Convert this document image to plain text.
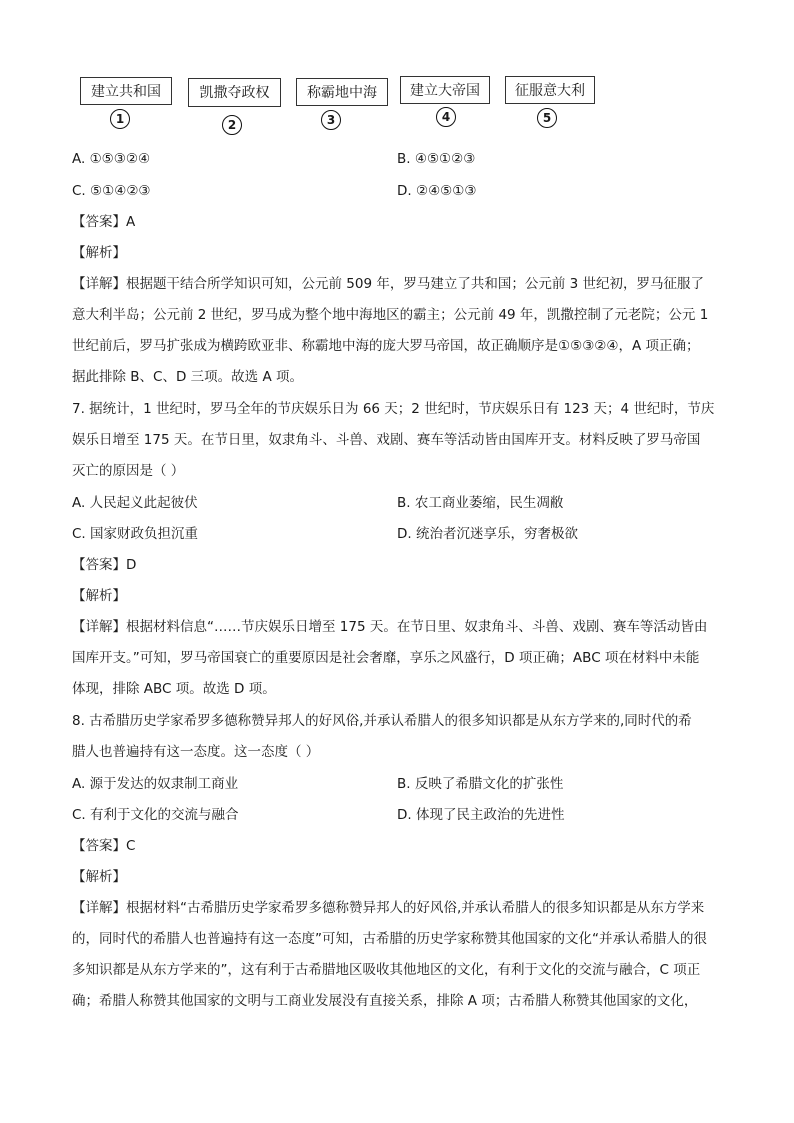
建立共和国	凯撒夺政权	称霸地中海	建立大帝国	征服意大利
1	2	3	4	5
A. ①⑤③②④	B. ④⑤①②③
C. ⑤①④②③	D. ②④⑤①③
【答案】A
【解析】
【详解】根据题干结合所学知识可知，公元前 509 年，罗马建立了共和国；公元前 3 世纪初，罗马征服了
意大利半岛；公元前 2 世纪，罗马成为整个地中海地区的霸主；公元前 49 年，凯撒控制了元老院；公元 1
世纪前后，罗马扩张成为横跨欧亚非、称霸地中海的庞大罗马帝国，故正确顺序是①⑤③②④，A 项正确；
据此排除 B、C、D 三项。故选 A 项。
7. 据统计，1 世纪时，罗马全年的节庆娱乐日为 66 天；2 世纪时，节庆娱乐日有 123 天；4 世纪时，节庆
娱乐日增至 175 天。在节日里，奴隶角斗、斗兽、戏剧、赛车等活动皆由国库开支。材料反映了罗马帝国
灭亡的原因是（ ）
A. 人民起义此起彼伏	B. 农工商业萎缩，民生凋敝
C. 国家财政负担沉重	D. 统治者沉迷享乐，穷奢极欲
【答案】D
【解析】
【详解】根据材料信息“……节庆娱乐日增至 175 天。在节日里、奴隶角斗、斗兽、戏剧、赛车等活动皆由
国库开支。”可知，罗马帝国衰亡的重要原因是社会奢靡，享乐之风盛行，D 项正确；ABC 项在材料中未能
体现，排除 ABC 项。故选 D 项。
8. 古希腊历史学家希罗多德称赞异邦人的好风俗,并承认希腊人的很多知识都是从东方学来的,同时代的希
腊人也普遍持有这一态度。这一态度（ ）
A. 源于发达的奴隶制工商业	B. 反映了希腊文化的扩张性
C. 有利于文化的交流与融合	D. 体现了民主政治的先进性
【答案】C
【解析】
【详解】根据材料“古希腊历史学家希罗多德称赞异邦人的好风俗,并承认希腊人的很多知识都是从东方学来
的，同时代的希腊人也普遍持有这一态度”可知，古希腊的历史学家称赞其他国家的文化“并承认希腊人的很
多知识都是从东方学来的”，这有利于古希腊地区吸收其他地区的文化，有利于文化的交流与融合，C 项正
确；希腊人称赞其他国家的文明与工商业发展没有直接关系，排除 A 项；古希腊人称赞其他国家的文化，
